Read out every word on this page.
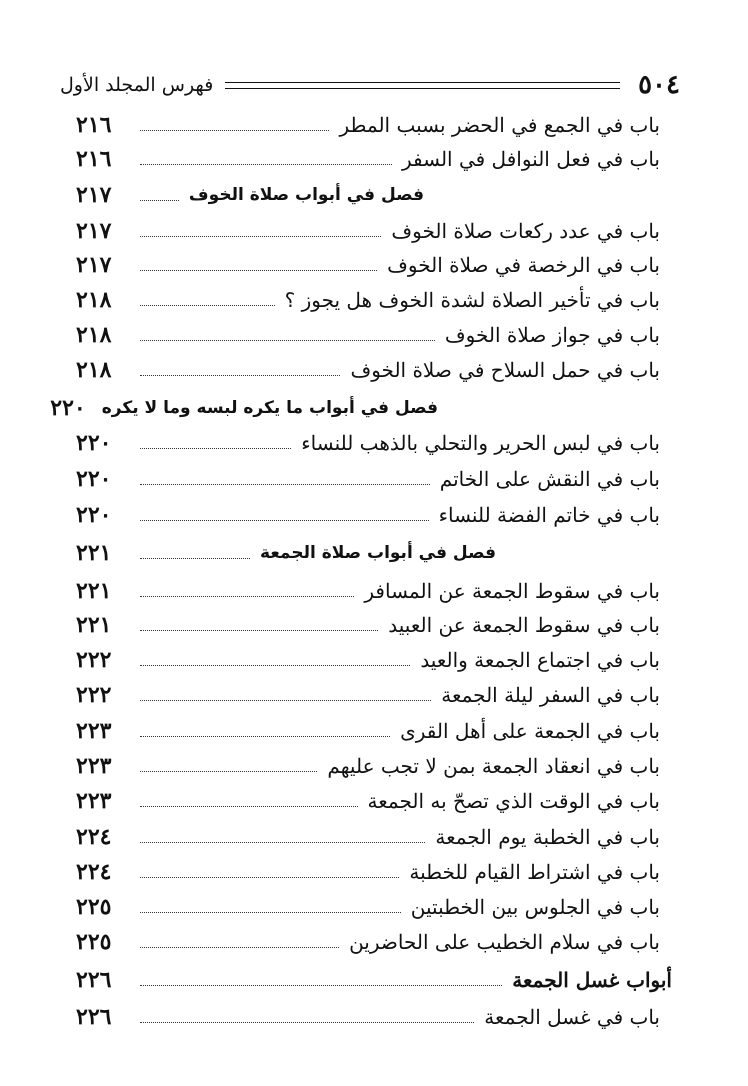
٥٠٤
فهرس المجلد الأول
باب في الجمع في الحضر بسبب المطر
٢١٦
باب في فعل النوافل في السفر
٢١٦
فصل في أبواب صلاة الخوف
٢١٧
باب في عدد ركعات صلاة الخوف
٢١٧
باب في الرخصة في صلاة الخوف
٢١٧
باب في تأخير الصلاة لشدة الخوف هل يجوز ؟
٢١٨
باب في جواز صلاة الخوف
٢١٨
باب في حمل السلاح في صلاة الخوف
٢١٨
فصل في أبواب ما يكره لبسه وما لا يكره
٢٢٠
باب في لبس الحرير والتحلي بالذهب للنساء
٢٢٠
باب في النقش على الخاتم
٢٢٠
باب في خاتم الفضة للنساء
٢٢٠
فصل في أبواب صلاة الجمعة
٢٢١
باب في سقوط الجمعة عن المسافر
٢٢١
باب في سقوط الجمعة عن العبيد
٢٢١
باب في اجتماع الجمعة والعيد
٢٢٢
باب في السفر ليلة الجمعة
٢٢٢
باب في الجمعة على أهل القرى
٢٢٣
باب في انعقاد الجمعة بمن لا تجب عليهم
٢٢٣
باب في الوقت الذي تصحّ به الجمعة
٢٢٣
باب في الخطبة يوم الجمعة
٢٢٤
باب في اشتراط القيام للخطبة
٢٢٤
باب في الجلوس بين الخطبتين
٢٢٥
باب في سلام الخطيب على الحاضرين
٢٢٥
أبواب غسل الجمعة
٢٢٦
باب في غسل الجمعة
٢٢٦
